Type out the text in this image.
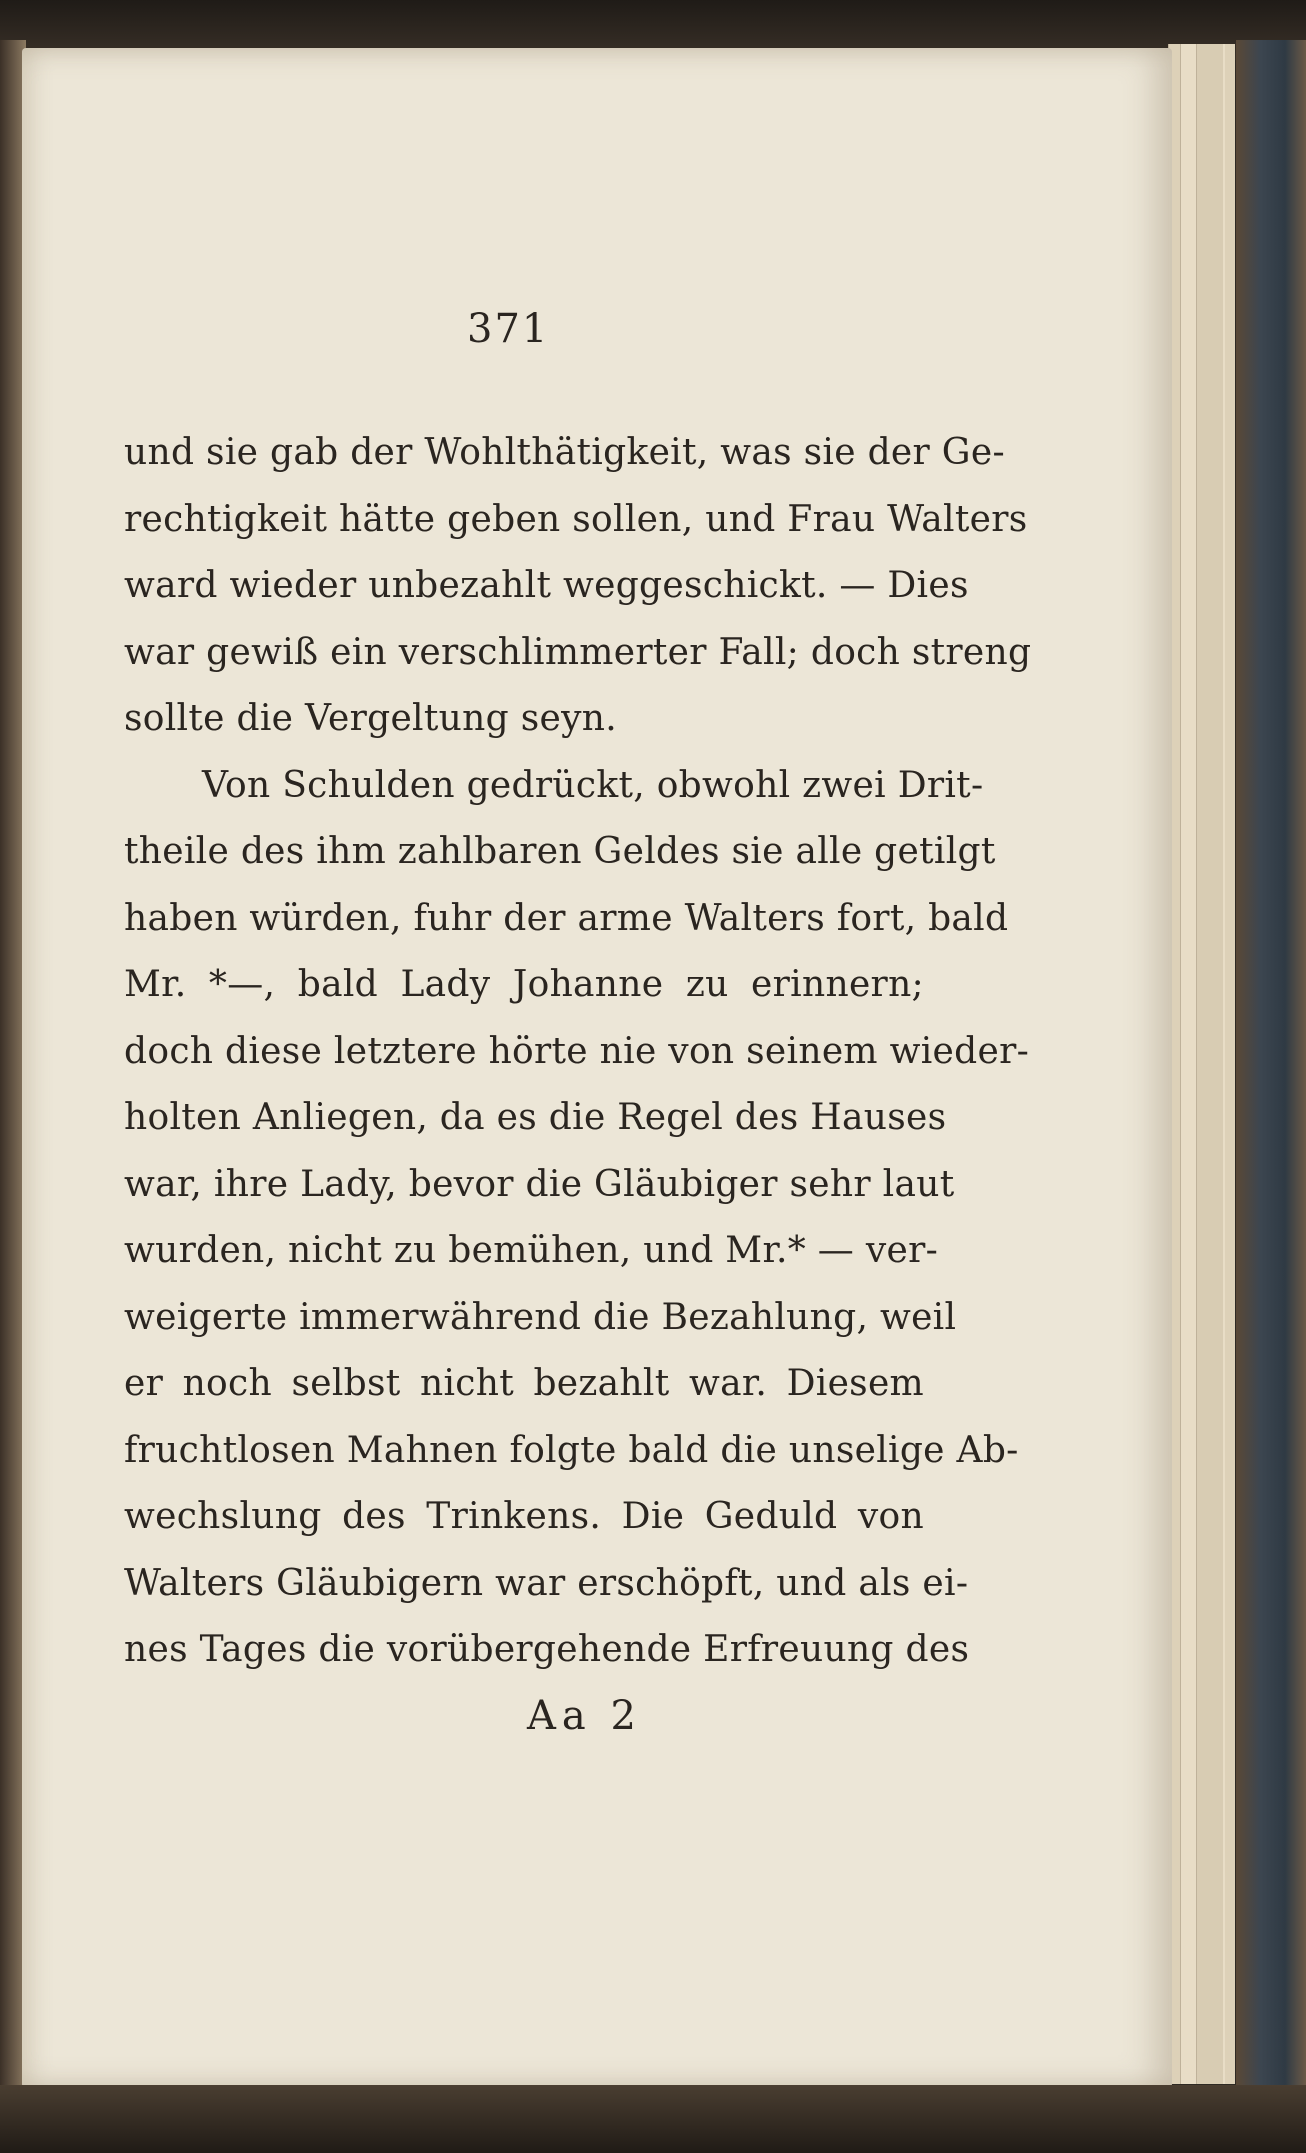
371
und sie gab der Wohlthätigkeit, was sie der Ge-
rechtigkeit hätte geben sollen, und Frau Walters
ward wieder unbezahlt weggeschickt. — Dies
war gewiß ein verschlimmerter Fall; doch streng
sollte die Vergeltung seyn.
Von Schulden gedrückt, obwohl zwei Drit-
theile des ihm zahlbaren Geldes sie alle getilgt
haben würden, fuhr der arme Walters fort, bald
Mr. *—, bald Lady Johanne zu erinnern;
doch diese letztere hörte nie von seinem wieder-
holten Anliegen, da es die Regel des Hauses
war, ihre Lady, bevor die Gläubiger sehr laut
wurden, nicht zu bemühen, und Mr.* — ver-
weigerte immerwährend die Bezahlung, weil
er noch selbst nicht bezahlt war. Diesem
fruchtlosen Mahnen folgte bald die unselige Ab-
wechslung des Trinkens. Die Geduld von
Walters Gläubigern war erschöpft, und als ei-
nes Tages die vorübergehende Erfreuung des
Aa 2
